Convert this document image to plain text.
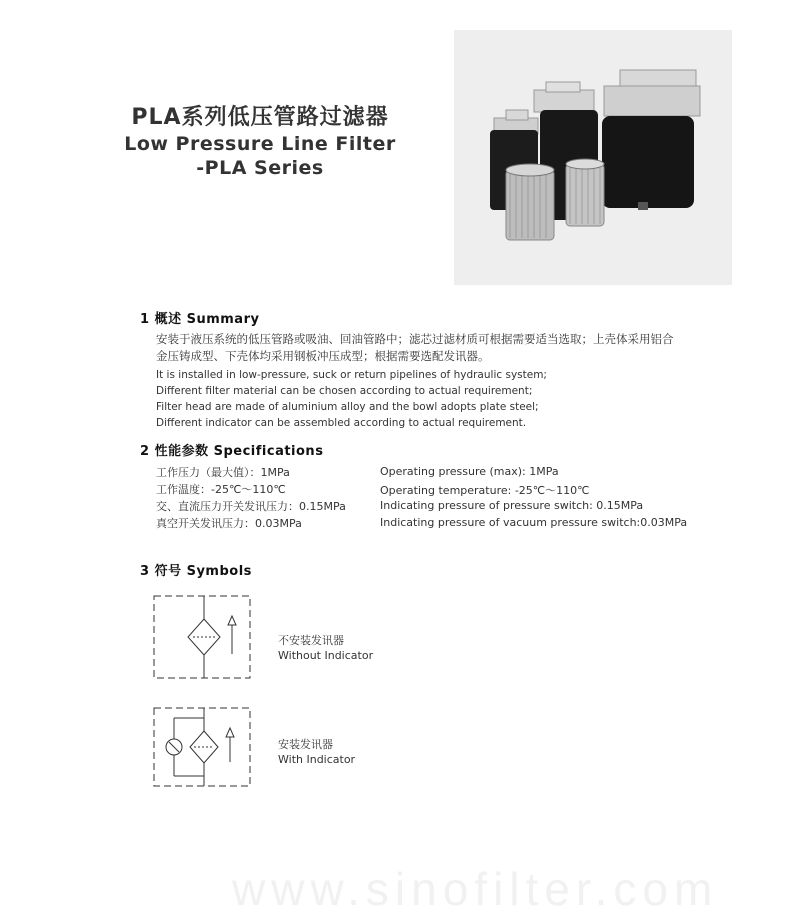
PLA系列低压管路过滤器
Low Pressure Line Filter
-PLA Series
1 概述 Summary
安装于液压系统的低压管路或吸油、回油管路中；滤芯过滤材质可根据需要适当选取；上壳体采用铝合
金压铸成型、下壳体均采用钢板冲压成型；根据需要选配发讯器。
It is installed in low-pressure, suck or return pipelines of hydraulic system;
Different filter material can be chosen according to actual requirement;
Filter head are made of aluminium alloy and the bowl adopts plate steel;
Different indicator can be assembled according to actual requirement.
2 性能参数 Specifications
工作压力（最大值）：1MPa	Operating pressure (max): 1MPa
工作温度：-25℃～110℃	Operating temperature: -25℃～110℃
交、直流压力开关发讯压力：0.15MPa	Indicating pressure of pressure switch: 0.15MPa
真空开关发讯压力：0.03MPa	Indicating pressure of vacuum pressure switch:0.03MPa
3 符号 Symbols
不安装发讯器
Without Indicator
安装发讯器
With Indicator
www.sinofilter.com
